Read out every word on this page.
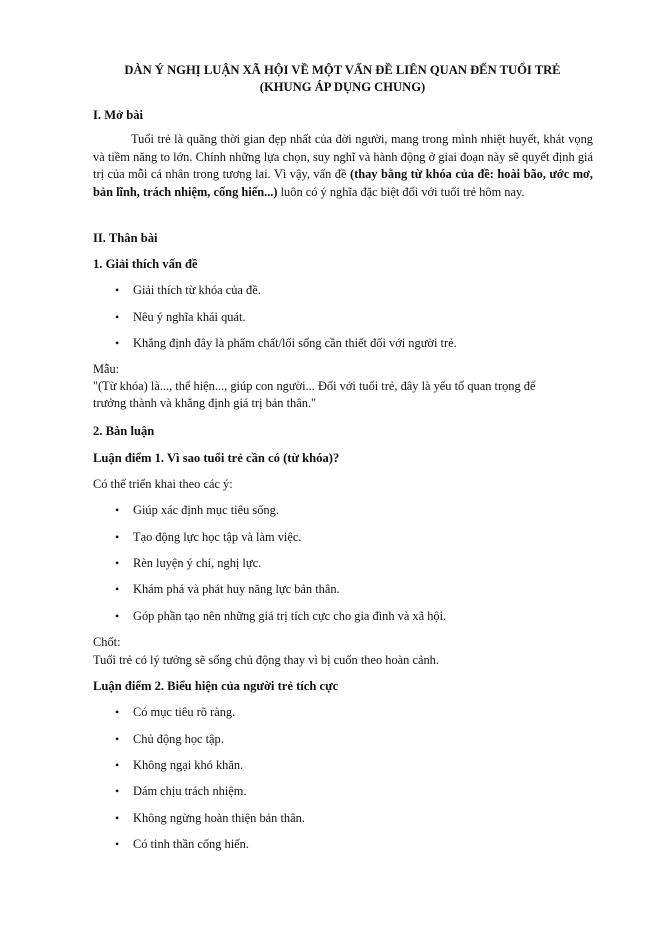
DÀN Ý NGHỊ LUẬN XÃ HỘI VỀ MỘT VẤN ĐỀ LIÊN QUAN ĐẾN TUỔI TRẺ
(KHUNG ÁP DỤNG CHUNG)
I. Mở bài
Tuổi trẻ là quãng thời gian đẹp nhất của đời người, mang trong mình nhiệt huyết, khát vọng và tiềm năng to lớn. Chính những lựa chọn, suy nghĩ và hành động ở giai đoạn này sẽ quyết định giá trị của mỗi cá nhân trong tương lai. Vì vậy, vấn đề (thay bằng từ khóa của đề: hoài bão, ước mơ, bản lĩnh, trách nhiệm, cống hiến...) luôn có ý nghĩa đặc biệt đối với tuổi trẻ hôm nay.
II. Thân bài
1. Giải thích vấn đề
• Giải thích từ khóa của đề.
• Nêu ý nghĩa khái quát.
• Khẳng định đây là phẩm chất/lối sống cần thiết đối với người trẻ.
Mẫu:
"(Từ khóa) là..., thể hiện..., giúp con người... Đối với tuổi trẻ, đây là yếu tố quan trọng để
trưởng thành và khẳng định giá trị bản thân."
2. Bàn luận
Luận điểm 1. Vì sao tuổi trẻ cần có (từ khóa)?
Có thể triển khai theo các ý:
• Giúp xác định mục tiêu sống.
• Tạo động lực học tập và làm việc.
• Rèn luyện ý chí, nghị lực.
• Khám phá và phát huy năng lực bản thân.
• Góp phần tạo nên những giá trị tích cực cho gia đình và xã hội.
Chốt:
Tuổi trẻ có lý tưởng sẽ sống chủ động thay vì bị cuốn theo hoàn cảnh.
Luận điểm 2. Biểu hiện của người trẻ tích cực
• Có mục tiêu rõ ràng.
• Chủ động học tập.
• Không ngại khó khăn.
• Dám chịu trách nhiệm.
• Không ngừng hoàn thiện bản thân.
• Có tinh thần cống hiến.
